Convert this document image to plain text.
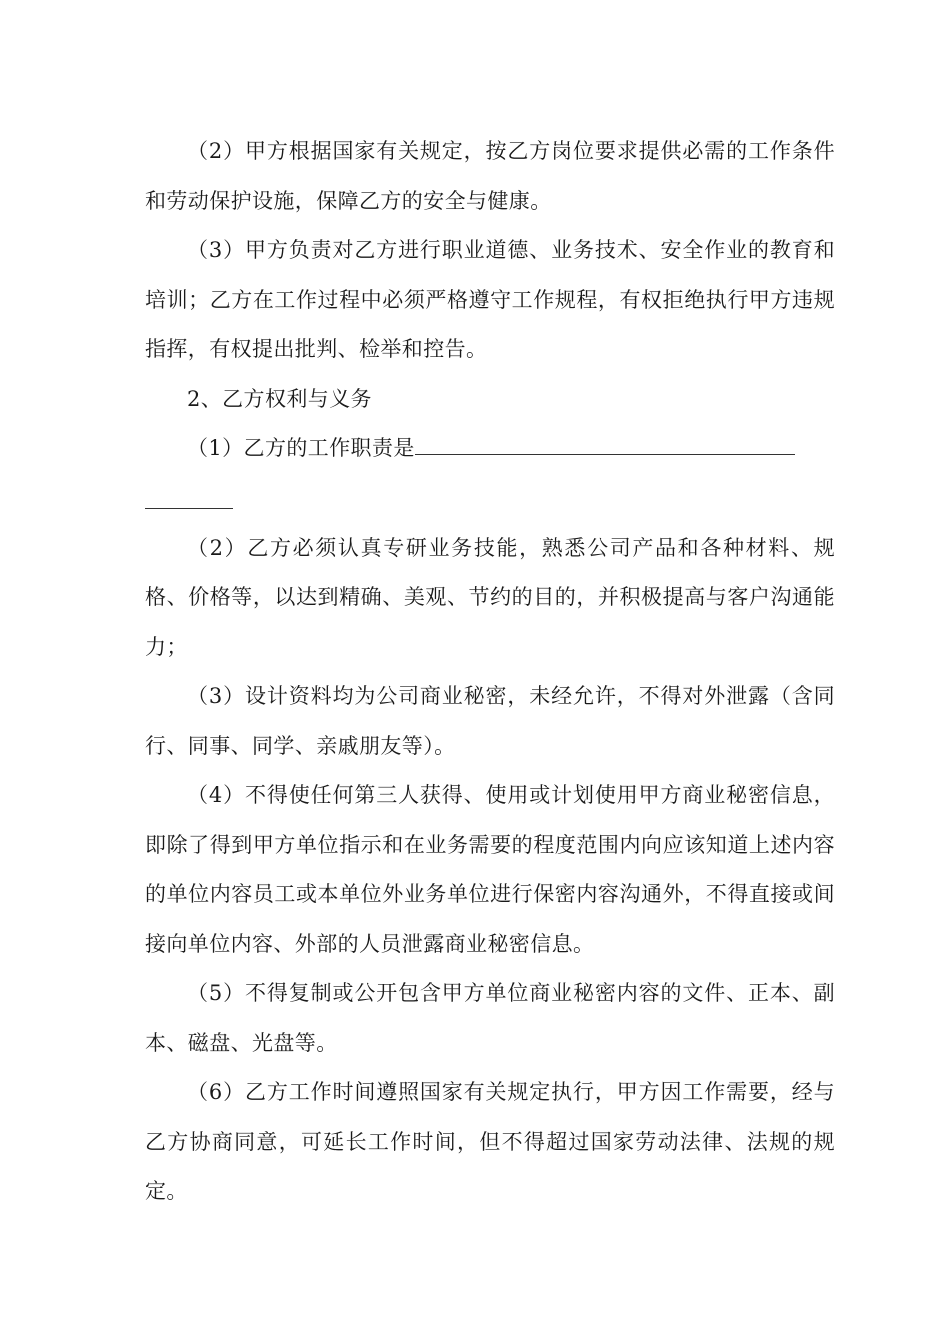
（2）甲方根据国家有关规定，按乙方岗位要求提供必需的工作条件和劳动保护设施，保障乙方的安全与健康。

（3）甲方负责对乙方进行职业道德、业务技术、安全作业的教育和培训；乙方在工作过程中必须严格遵守工作规程，有权拒绝执行甲方违规指挥，有权提出批判、检举和控告。

2、乙方权利与义务

（1）乙方的工作职责是

（2）乙方必须认真专研业务技能，熟悉公司产品和各种材料、规格、价格等，以达到精确、美观、节约的目的，并积极提高与客户沟通能力；

（3）设计资料均为公司商业秘密，未经允许，不得对外泄露（含同行、同事、同学、亲戚朋友等）。

（4）不得使任何第三人获得、使用或计划使用甲方商业秘密信息，即除了得到甲方单位指示和在业务需要的程度范围内向应该知道上述内容的单位内容员工或本单位外业务单位进行保密内容沟通外，不得直接或间接向单位内容、外部的人员泄露商业秘密信息。

（5）不得复制或公开包含甲方单位商业秘密内容的文件、正本、副本、磁盘、光盘等。

（6）乙方工作时间遵照国家有关规定执行，甲方因工作需要，经与乙方协商同意，可延长工作时间，但不得超过国家劳动法律、法规的规定。
